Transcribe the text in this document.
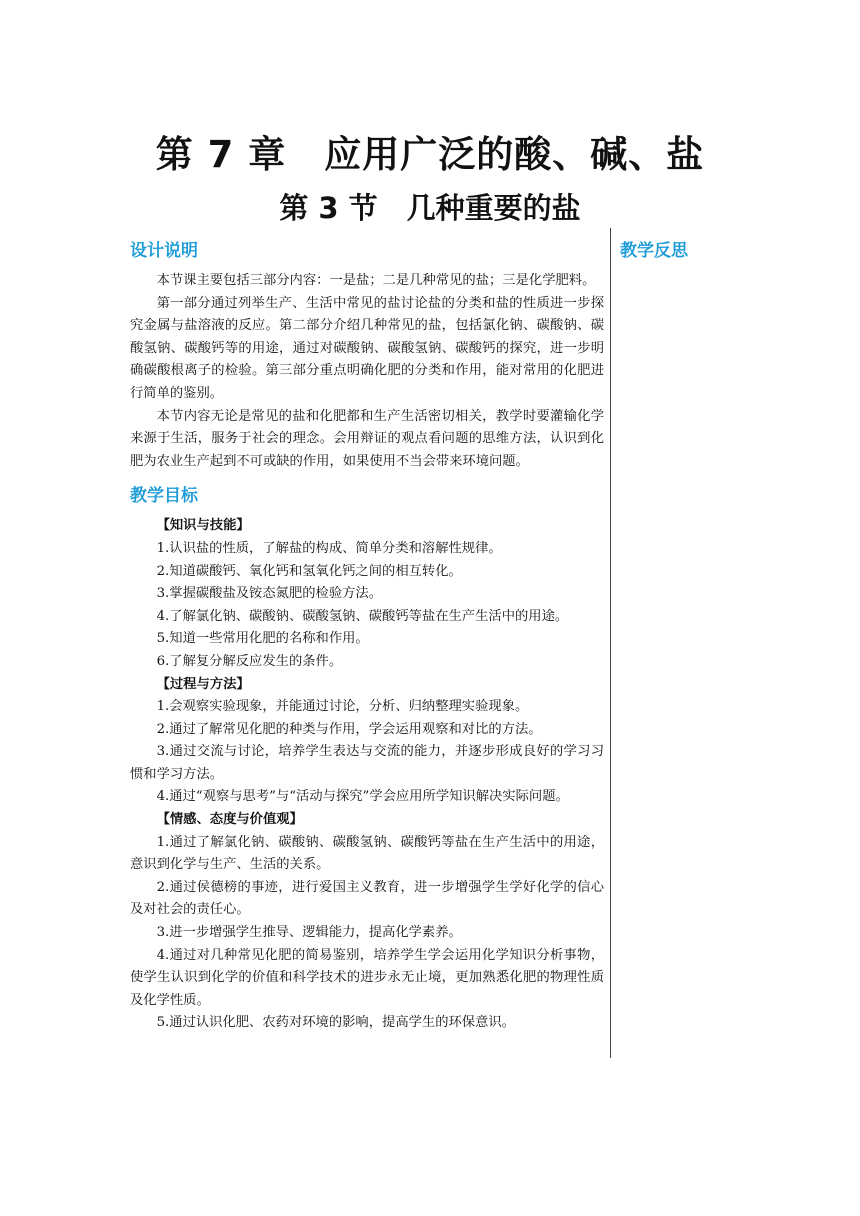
第 7 章　应用广泛的酸、碱、盐
第 3 节　几种重要的盐
教学反思
设计说明

本节课主要包括三部分内容：一是盐；二是几种常见的盐；三是化学肥料。

第一部分通过列举生产、生活中常见的盐讨论盐的分类和盐的性质进一步探究金属与盐溶液的反应。第二部分介绍几种常见的盐，包括氯化钠、碳酸钠、碳酸氢钠、碳酸钙等的用途，通过对碳酸钠、碳酸氢钠、碳酸钙的探究，进一步明确碳酸根离子的检验。第三部分重点明确化肥的分类和作用，能对常用的化肥进行简单的鉴别。

本节内容无论是常见的盐和化肥都和生产生活密切相关，教学时要灌输化学来源于生活，服务于社会的理念。会用辩证的观点看问题的思维方法，认识到化肥为农业生产起到不可或缺的作用，如果使用不当会带来环境问题。

教学目标

【知识与技能】

1.认识盐的性质，了解盐的构成、简单分类和溶解性规律。

2.知道碳酸钙、氧化钙和氢氧化钙之间的相互转化。

3.掌握碳酸盐及铵态氮肥的检验方法。

4.了解氯化钠、碳酸钠、碳酸氢钠、碳酸钙等盐在生产生活中的用途。

5.知道一些常用化肥的名称和作用。

6.了解复分解反应发生的条件。

【过程与方法】

1.会观察实验现象，并能通过讨论，分析、归纳整理实验现象。

2.通过了解常见化肥的种类与作用，学会运用观察和对比的方法。

3.通过交流与讨论，培养学生表达与交流的能力，并逐步形成良好的学习习惯和学习方法。

4.通过“观察与思考”与“活动与探究”学会应用所学知识解决实际问题。

【情感、态度与价值观】

1.通过了解氯化钠、碳酸钠、碳酸氢钠、碳酸钙等盐在生产生活中的用途，意识到化学与生产、生活的关系。

2.通过侯德榜的事迹，进行爱国主义教育，进一步增强学生学好化学的信心及对社会的责任心。

3.进一步增强学生推导、逻辑能力，提高化学素养。

4.通过对几种常见化肥的简易鉴别，培养学生学会运用化学知识分析事物，使学生认识到化学的价值和科学技术的进步永无止境，更加熟悉化肥的物理性质及化学性质。

5.通过认识化肥、农药对环境的影响，提高学生的环保意识。
